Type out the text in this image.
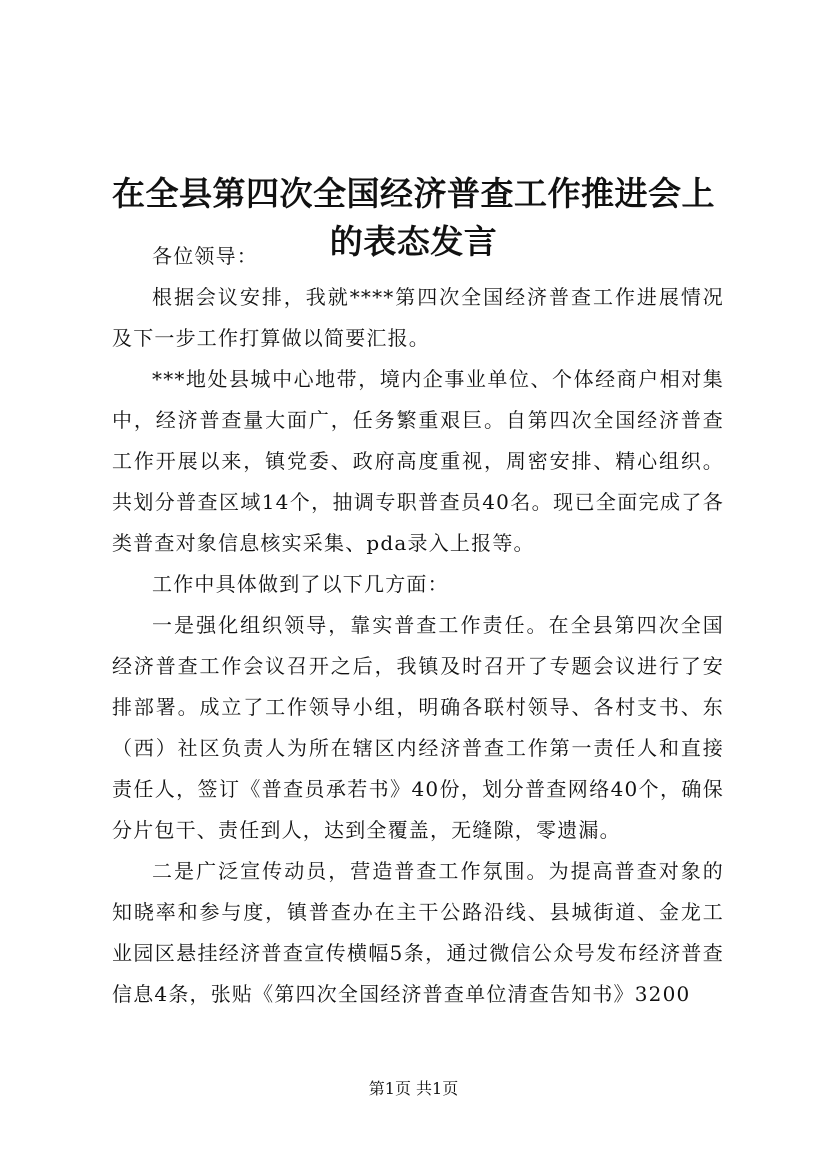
在全县第四次全国经济普查工作推进会上的表态发言

各位领导：

根据会议安排，我就****第四次全国经济普查工作进展情况及下一步工作打算做以简要汇报。

***地处县城中心地带，境内企事业单位、个体经商户相对集中，经济普查量大面广，任务繁重艰巨。自第四次全国经济普查工作开展以来，镇党委、政府高度重视，周密安排、精心组织。共划分普查区域14个，抽调专职普查员40名。现已全面完成了各类普查对象信息核实采集、pda录入上报等。

工作中具体做到了以下几方面：

一是强化组织领导，靠实普查工作责任。在全县第四次全国经济普查工作会议召开之后，我镇及时召开了专题会议进行了安排部署。成立了工作领导小组，明确各联村领导、各村支书、东（西）社区负责人为所在辖区内经济普查工作第一责任人和直接责任人，签订《普查员承若书》40份，划分普查网络40个，确保分片包干、责任到人，达到全覆盖，无缝隙，零遗漏。

二是广泛宣传动员，营造普查工作氛围。为提高普查对象的知晓率和参与度，镇普查办在主干公路沿线、县城街道、金龙工业园区悬挂经济普查宣传横幅5条，通过微信公众号发布经济普查信息4条，张贴《第四次全国经济普查单位清查告知书》3200

第1页 共1页
